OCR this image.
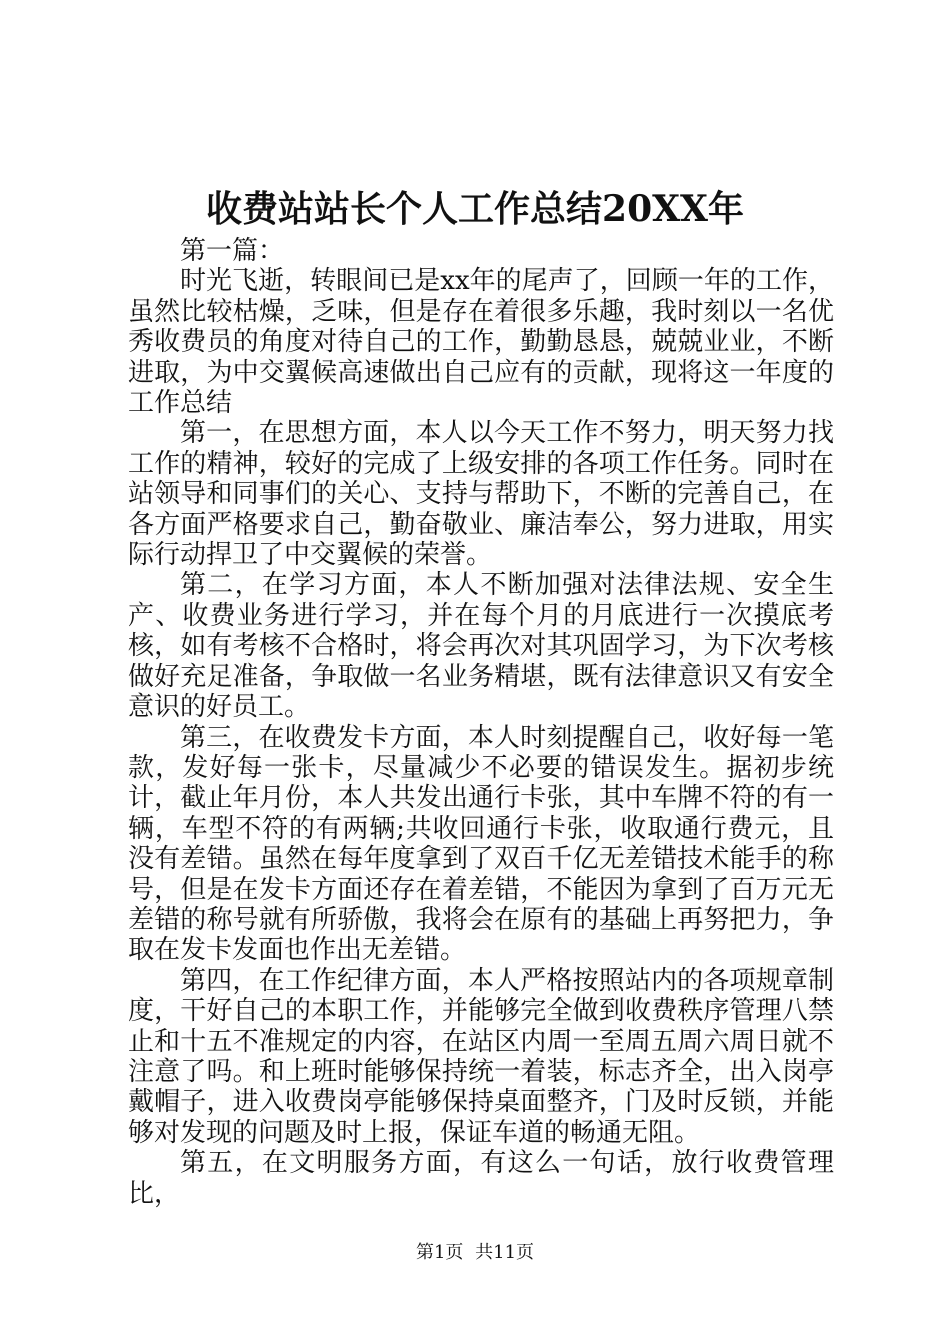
收费站站长个人工作总结20XX年

第一篇：

时光飞逝，转眼间已是xx年的尾声了，回顾一年的工作，虽然比较枯燥，乏味，但是存在着很多乐趣，我时刻以一名优秀收费员的角度对待自己的工作，勤勤恳恳，兢兢业业，不断进取，为中交翼候高速做出自己应有的贡献，现将这一年度的工作总结

第一，在思想方面，本人以今天工作不努力，明天努力找工作的精神，较好的完成了上级安排的各项工作任务。同时在站领导和同事们的关心、支持与帮助下，不断的完善自己，在各方面严格要求自己，勤奋敬业、廉洁奉公，努力进取，用实际行动捍卫了中交翼候的荣誉。

第二，在学习方面，本人不断加强对法律法规、安全生产、收费业务进行学习，并在每个月的月底进行一次摸底考核，如有考核不合格时，将会再次对其巩固学习，为下次考核做好充足准备，争取做一名业务精堪，既有法律意识又有安全意识的好员工。

第三，在收费发卡方面，本人时刻提醒自己，收好每一笔款，发好每一张卡，尽量减少不必要的错误发生。据初步统计，截止年月份，本人共发出通行卡张，其中车牌不符的有一辆，车型不符的有两辆;共收回通行卡张，收取通行费元，且没有差错。虽然在每年度拿到了双百千亿无差错技术能手的称号，但是在发卡方面还存在着差错，不能因为拿到了百万元无差错的称号就有所骄傲，我将会在原有的基础上再努把力，争取在发卡发面也作出无差错。

第四，在工作纪律方面，本人严格按照站内的各项规章制度，干好自己的本职工作，并能够完全做到收费秩序管理八禁止和十五不准规定的内容，在站区内周一至周五周六周日就不注意了吗。和上班时能够保持统一着装，标志齐全，出入岗亭戴帽子，进入收费岗亭能够保持桌面整齐，门及时反锁，并能够对发现的问题及时上报，保证车道的畅通无阻。

第五，在文明服务方面，有这么一句话，放行收费管理比，

第1页 共11页
